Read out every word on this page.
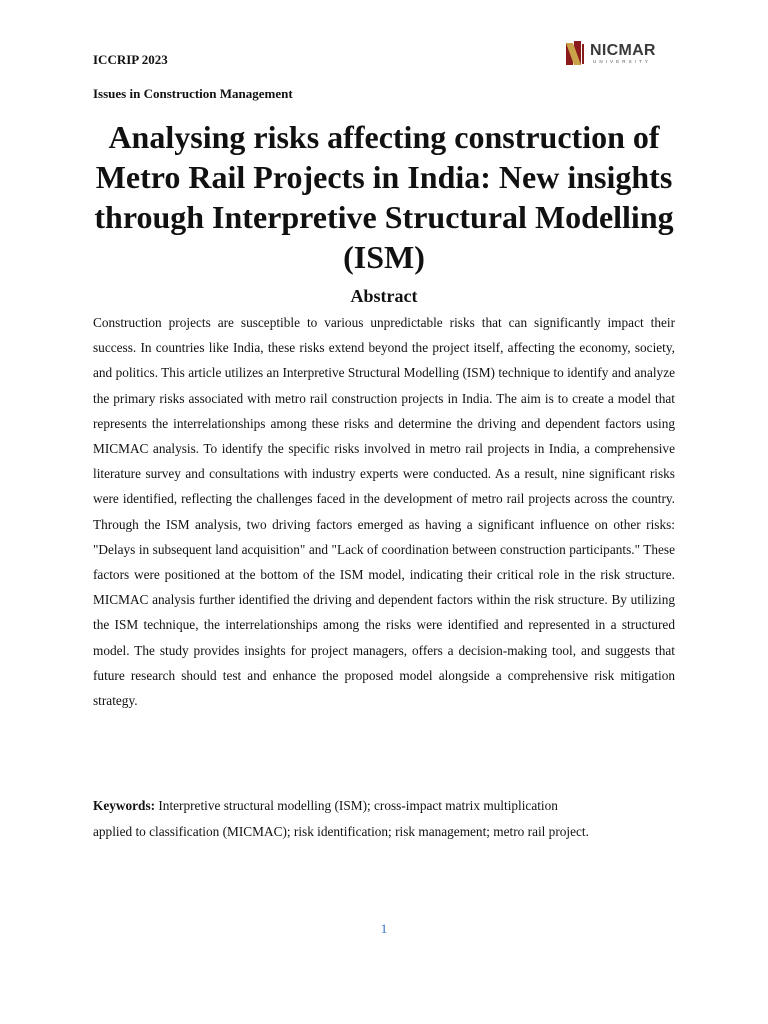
ICCRIP 2023
Issues in Construction Management
NICMAR
UNIVERSITY
Analysing risks affecting construction of Metro Rail Projects in India: New insights through Interpretive Structural Modelling (ISM)
Abstract

Construction projects are susceptible to various unpredictable risks that can significantly impact their success. In countries like India, these risks extend beyond the project itself, affecting the economy, society, and politics. This article utilizes an Interpretive Structural Modelling (ISM) technique to identify and analyze the primary risks associated with metro rail construction projects in India. The aim is to create a model that represents the interrelationships among these risks and determine the driving and dependent factors using MICMAC analysis. To identify the specific risks involved in metro rail projects in India, a comprehensive literature survey and consultations with industry experts were conducted. As a result, nine significant risks were identified, reflecting the challenges faced in the development of metro rail projects across the country. Through the ISM analysis, two driving factors emerged as having a significant influence on other risks: "Delays in subsequent land acquisition" and "Lack of coordination between construction participants." These factors were positioned at the bottom of the ISM model, indicating their critical role in the risk structure. MICMAC analysis further identified the driving and dependent factors within the risk structure. By utilizing the ISM technique, the interrelationships among the risks were identified and represented in a structured model. The study provides insights for project managers, offers a decision-making tool, and suggests that future research should test and enhance the proposed model alongside a comprehensive risk mitigation strategy.

Keywords: Interpretive structural modelling (ISM); cross-impact matrix multiplication
applied to classification (MICMAC); risk identification; risk management; metro rail project.

1
